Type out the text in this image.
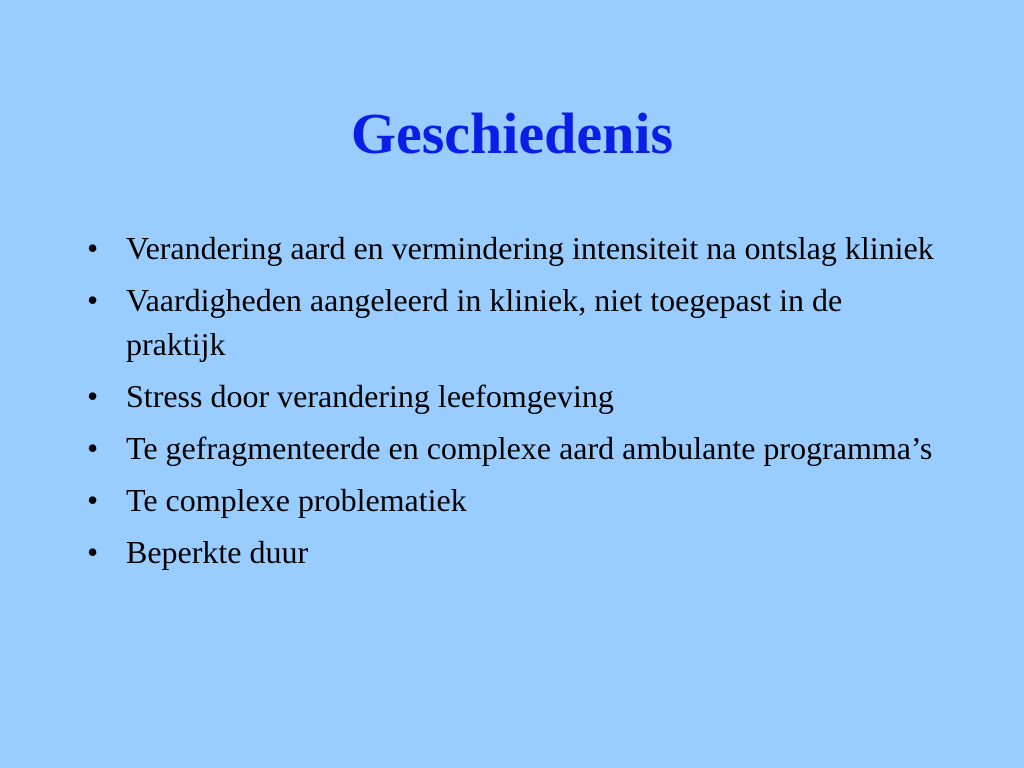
Geschiedenis
• Verandering aard en vermindering intensiteit na ontslag kliniek
• Vaardigheden aangeleerd in kliniek, niet toegepast in de praktijk
• Stress door verandering leefomgeving
• Te gefragmenteerde en complexe aard ambulante programma’s
• Te complexe problematiek
• Beperkte duur
